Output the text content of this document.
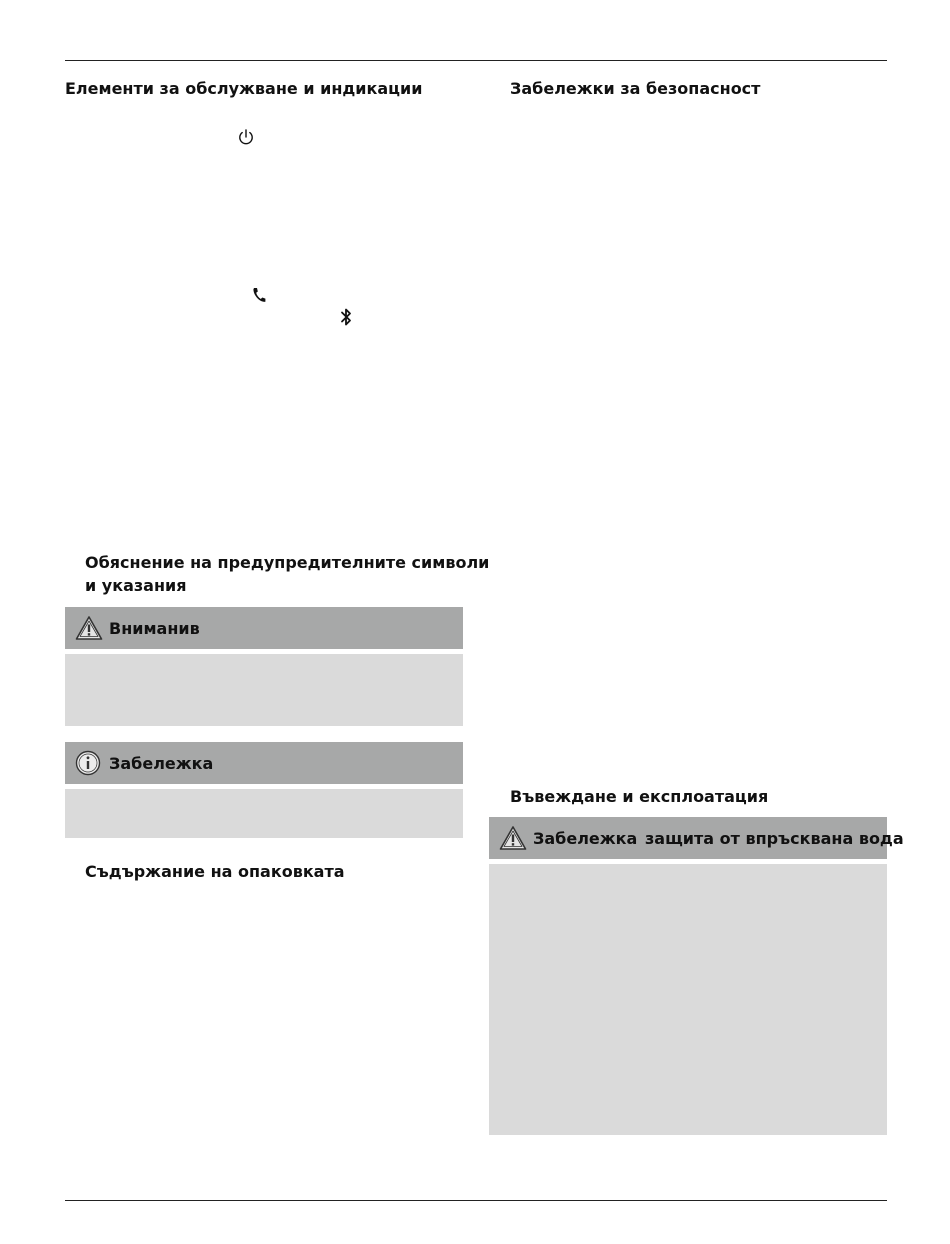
Елементи за обслужване и индикации
Обяснение на предупредителните символи
и указания
Вниманив
Забележка
Съдържание на опаковката
Забележки за безопасност
Въвеждане и експлоатация
Забележка защита от впръсквана вода
